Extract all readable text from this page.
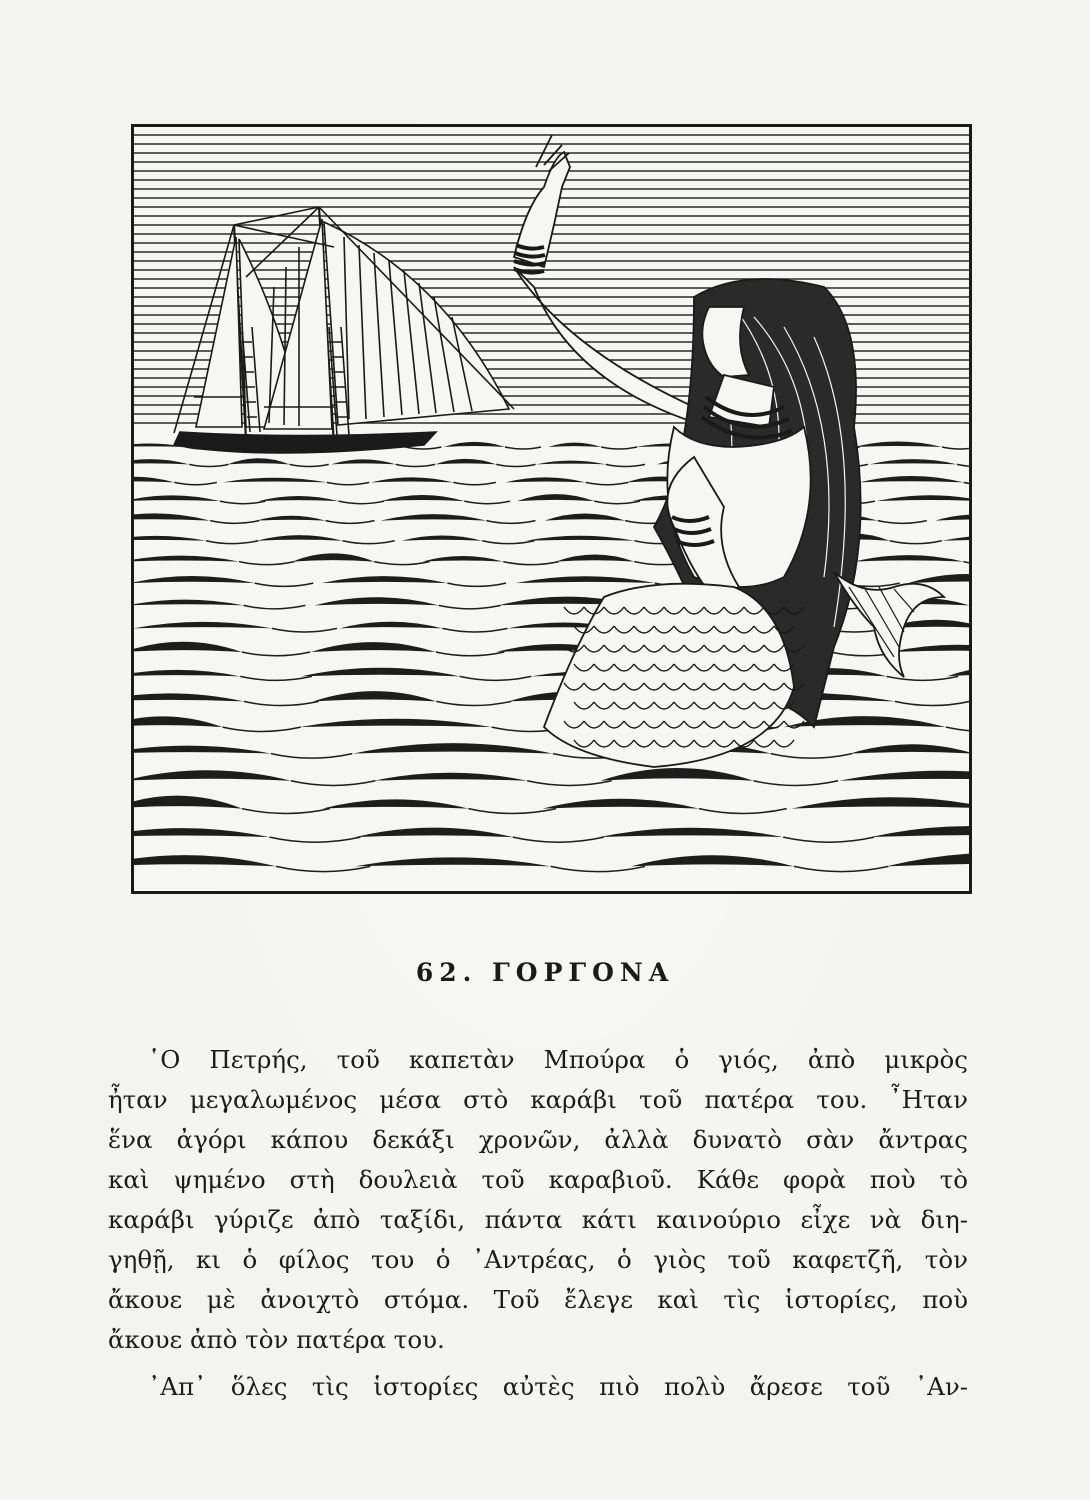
62. ΓΟΡΓΟΝΑ
῾Ο Πετρής, τοῦ καπετὰν Μπούρα ὁ γιός, ἀπὸ μικρὸς
ἦταν μεγαλωμένος μέσα στὸ καράβι τοῦ πατέρα του. ῏Ηταν
ἕνα ἀγόρι κάπου δεκάξι χρονῶν, ἀλλὰ δυνατὸ σὰν ἄντρας
καὶ ψημένο στὴ δουλειὰ τοῦ καραβιοῦ. Κάθε φορὰ ποὺ τὸ
καράβι γύριζε ἀπὸ ταξίδι, πάντα κάτι καινούριο εἶχε νὰ διη-
γηθῇ, κι ὁ φίλος του ὁ ᾿Αντρέας, ὁ γιὸς τοῦ καφετζῆ, τὸν
ἄκουε μὲ ἀνοιχτὸ στόμα. Τοῦ ἔλεγε καὶ τὶς ἱστορίες, ποὺ
ἄκουε ἀπὸ τὸν πατέρα του.
᾿Απ᾿ ὅλες τὶς ἱστορίες αὐτὲς πιὸ πολὺ ἄρεσε τοῦ ᾿Αν-
